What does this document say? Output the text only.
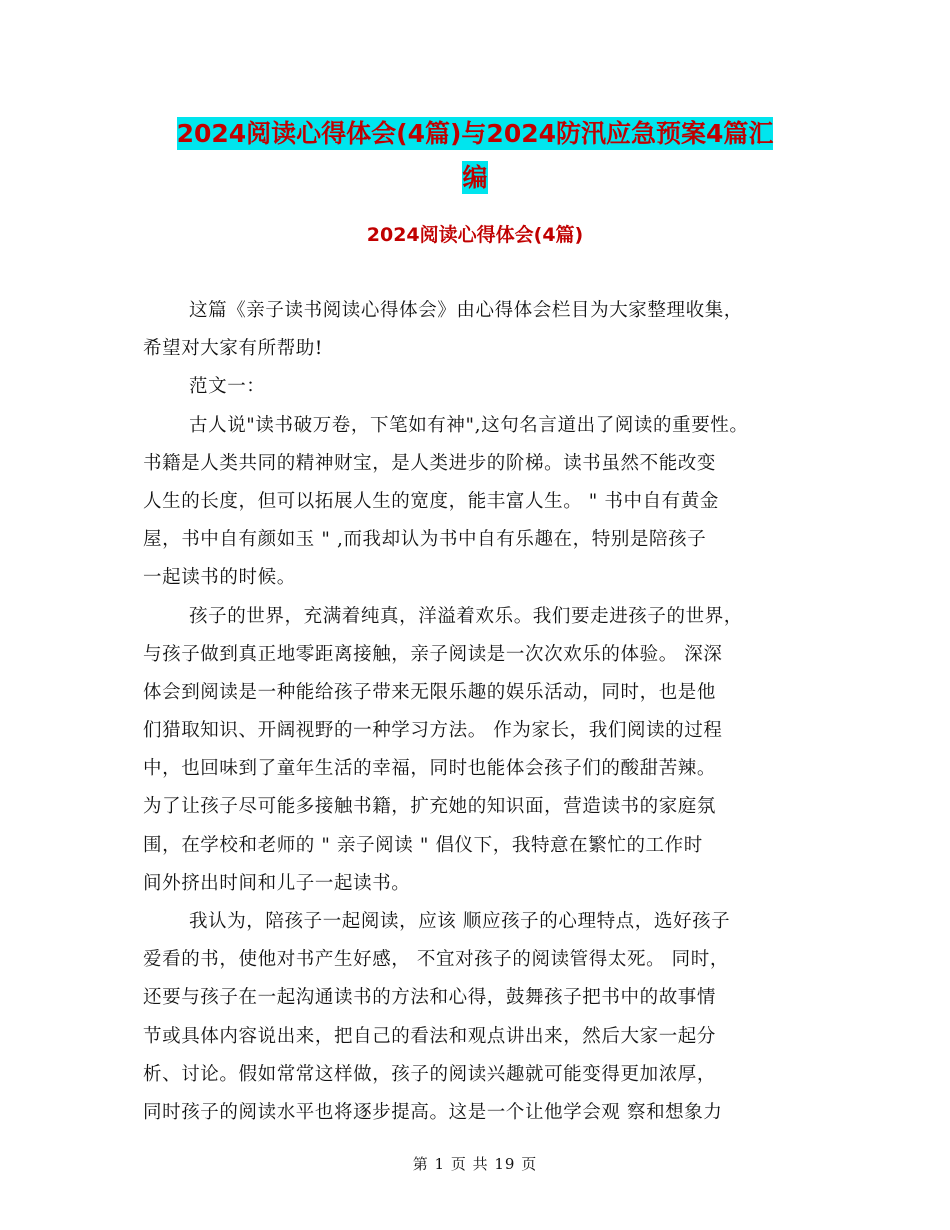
2024阅读心得体会(4篇)与2024防汛应急预案4篇汇
编
2024阅读心得体会(4篇)
这篇《亲子读书阅读心得体会》由心得体会栏目为大家整理收集，
希望对大家有所帮助!
范文一：
古人说"读书破万卷，下笔如有神",这句名言道出了阅读的重要性。
书籍是人类共同的精神财宝，是人类进步的阶梯。读书虽然不能改变
人生的长度，但可以拓展人生的宽度，能丰富人生。 " 书中自有黄金
屋，书中自有颜如玉 " ,而我却认为书中自有乐趣在，特别是陪孩子
一起读书的时候。
孩子的世界，充满着纯真，洋溢着欢乐。我们要走进孩子的世界，
与孩子做到真正地零距离接触，亲子阅读是一次次欢乐的体验。 深深
体会到阅读是一种能给孩子带来无限乐趣的娱乐活动，同时，也是他
们猎取知识、开阔视野的一种学习方法。 作为家长，我们阅读的过程
中，也回味到了童年生活的幸福，同时也能体会孩子们的酸甜苦辣。
为了让孩子尽可能多接触书籍，扩充她的知识面，营造读书的家庭氛
围，在学校和老师的 " 亲子阅读 " 倡仪下，我特意在繁忙的工作时
间外挤出时间和儿子一起读书。
我认为，陪孩子一起阅读，应该 顺应孩子的心理特点，选好孩子
爱看的书，使他对书产生好感， 不宜对孩子的阅读管得太死。 同时，
还要与孩子在一起沟通读书的方法和心得，鼓舞孩子把书中的故事情
节或具体内容说出来，把自己的看法和观点讲出来，然后大家一起分
析、讨论。假如常常这样做，孩子的阅读兴趣就可能变得更加浓厚，
同时孩子的阅读水平也将逐步提高。这是一个让他学会观 察和想象力
第 1 页 共 19 页
